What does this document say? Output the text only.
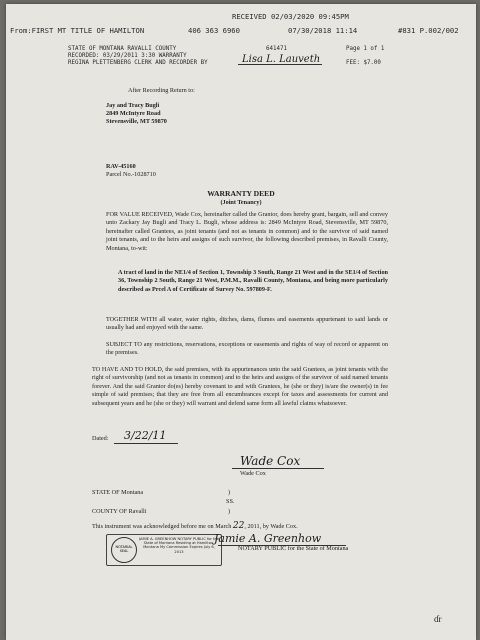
RECEIVED 02/03/2020 09:45PM
From:FIRST MT TITLE OF HAMILTON	406 363 6960	07/30/2018 11:14	#831 P.002/002
STATE OF MONTANA RAVALLI COUNTY	641471	Page 1 of 1
RECORDED: 03/29/2011 3:30 WARRANTY
FEE: $7.00
REGINA PLETTENBERG CLERK AND RECORDER BY	Lisa L. Lauveth
After Recording Return to:
Jay and Tracy Bugli
2849 McIntyre Road
Stevensville, MT 59870
RAV-45160
Parcel No.-1028710
WARRANTY DEED
(Joint Tenancy)
FOR VALUE RECEIVED, Wade Cox, hereinafter called the Grantor, does hereby grant, bargain, sell and convey unto Zackary Jay Bugli and Tracy L. Bugli, whose address is: 2849 McIntyre Road, Stevensville, MT 59870, hereinafter called Grantees, as joint tenants (and not as tenants in common) and to the survivor of said named joint tenants, and to the heirs and assigns of such survivor, the following described premises, in Ravalli County, Montana, to-wit:
A tract of land in the NE1/4 of Section 1, Township 3 South, Range 21 West and in the SE1/4 of Section 36, Township 2 South, Range 21 West, P.M.M., Ravalli County, Montana, and being more particularly described as Prcel A of Certificate of Survey No. 597809-F.
TOGETHER WITH all water, water rights, ditches, dams, flumes and easements appurtenant to said lands or usually had and enjoyed with the same.
SUBJECT TO any restrictions, reservations, exceptions or easements and rights of way of record or apparent on the premises.
TO HAVE AND TO HOLD, the said premises, with its appurtenances unto the said Grantees, as joint tenants with the right of survivorship (and not as tenants in common) and to the heirs and assigns of the survivor of said named tenants forever. And the said Grantor do(es) hereby covenant to and with Grantees, he (she or they) is/are the owner(s) in fee simple of said premises; that they are free from all encumbrances except for taxes and assessments for current and subsequent years and he (she or they) will warrant and defend same form all lawful claims whatsoever.
Dated: 3/22/11
Wade Cox
Wade Cox
STATE OF Montana	)
SS.
COUNTY OF Ravalli	)
This instrument was acknowledged before me on March 22, 2011, by Wade Cox.
NOTARIAL
SEAL
JAMIE A. GREENHOW NOTARY PUBLIC for the State of Montana Residing at Hamilton, Montana My Commission Expires July 6, 2013
Jamie A. Greenhow
NOTARY PUBLIC for the State of Montana
ɗr
